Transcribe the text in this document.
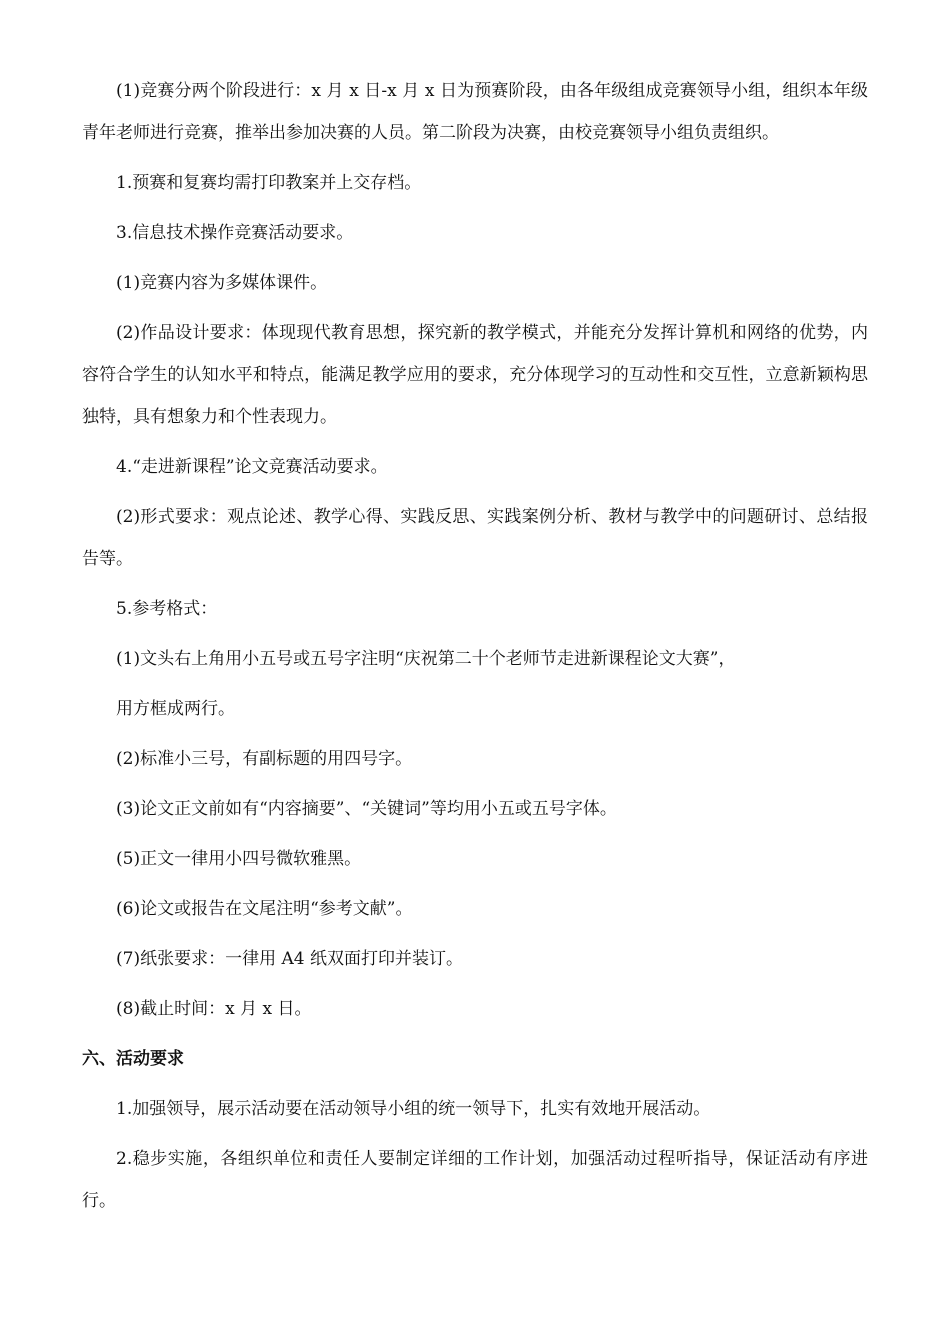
(1)竞赛分两个阶段进行：x 月 x 日-x 月 x 日为预赛阶段，由各年级组成竞赛领导小组，组织本年级青年老师进行竞赛，推举出参加决赛的人员。第二阶段为决赛，由校竞赛领导小组负责组织。

1.预赛和复赛均需打印教案并上交存档。

3.信息技术操作竞赛活动要求。

(1)竞赛内容为多媒体课件。

(2)作品设计要求：体现现代教育思想，探究新的教学模式，并能充分发挥计算机和网络的优势，内容符合学生的认知水平和特点，能满足教学应用的要求，充分体现学习的互动性和交互性，立意新颖构思独特，具有想象力和个性表现力。

4.“走进新课程”论文竞赛活动要求。

(2)形式要求：观点论述、教学心得、实践反思、实践案例分析、教材与教学中的问题研讨、总结报告等。

5.参考格式：

(1)文头右上角用小五号或五号字注明“庆祝第二十个老师节走进新课程论文大赛”，

用方框成两行。

(2)标准小三号，有副标题的用四号字。

(3)论文正文前如有“内容摘要”、“关键词”等均用小五或五号字体。

(5)正文一律用小四号微软雅黑。

(6)论文或报告在文尾注明“参考文献”。

(7)纸张要求：一律用 A4 纸双面打印并装订。

(8)截止时间：x 月 x 日。

六、活动要求

1.加强领导，展示活动要在活动领导小组的统一领导下，扎实有效地开展活动。

2.稳步实施，各组织单位和责任人要制定详细的工作计划，加强活动过程听指导，保证活动有序进行。
